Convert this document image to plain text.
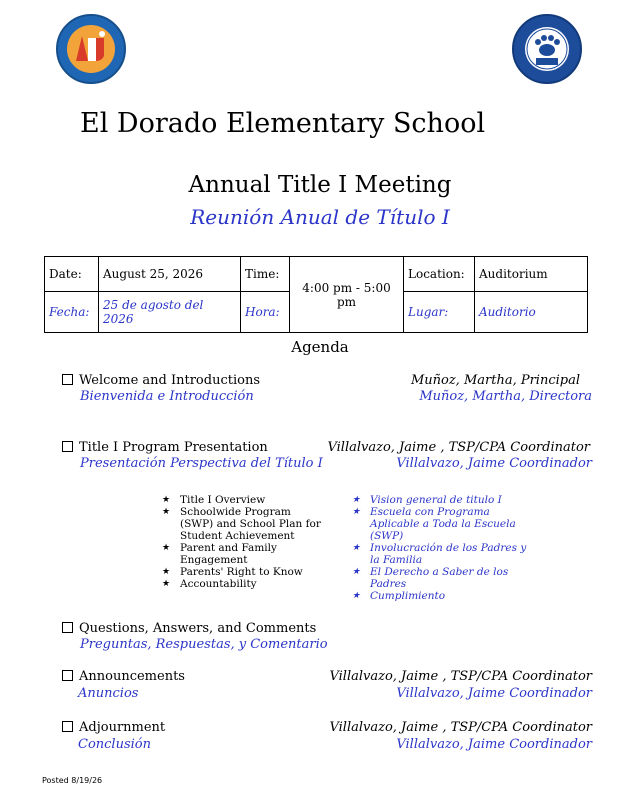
El Dorado Elementary School
Annual Title I Meeting
Reunión Anual de Título I
Date:	August 25, 2026	Time:	4:00 pm - 5:00 pm	Location:	Auditorium
Fecha:	25 de agosto del 2026	Hora:		Lugar:	Auditorio
Agenda
Welcome and Introductions
Bienvenida e Introducción
Muñoz, Martha, Principal
Muñoz, Martha, Directora
Title I Program Presentation
Presentación Perspectiva del Título I
Villalvazo, Jaime , TSP/CPA Coordinator
Villalvazo, Jaime Coordinador
★ Title I Overview
★ Schoolwide Program (SWP) and School Plan for Student Achievement
★ Parent and Family Engagement
★ Parents' Right to Know
★ Accountability
★ Vision general de titulo I
★ Escuela con Programa Aplicable a Toda la Escuela (SWP)
★ Involucración de los Padres y la Familia
★ El Derecho a Saber de los Padres
★ Cumplimiento
Questions, Answers, and Comments
Preguntas, Respuestas, y Comentario
Announcements
Anuncios
Villalvazo, Jaime , TSP/CPA Coordinator
Villalvazo, Jaime Coordinador
Adjournment
Conclusión
Villalvazo, Jaime , TSP/CPA Coordinator
Villalvazo, Jaime Coordinador
Posted 8/19/26
